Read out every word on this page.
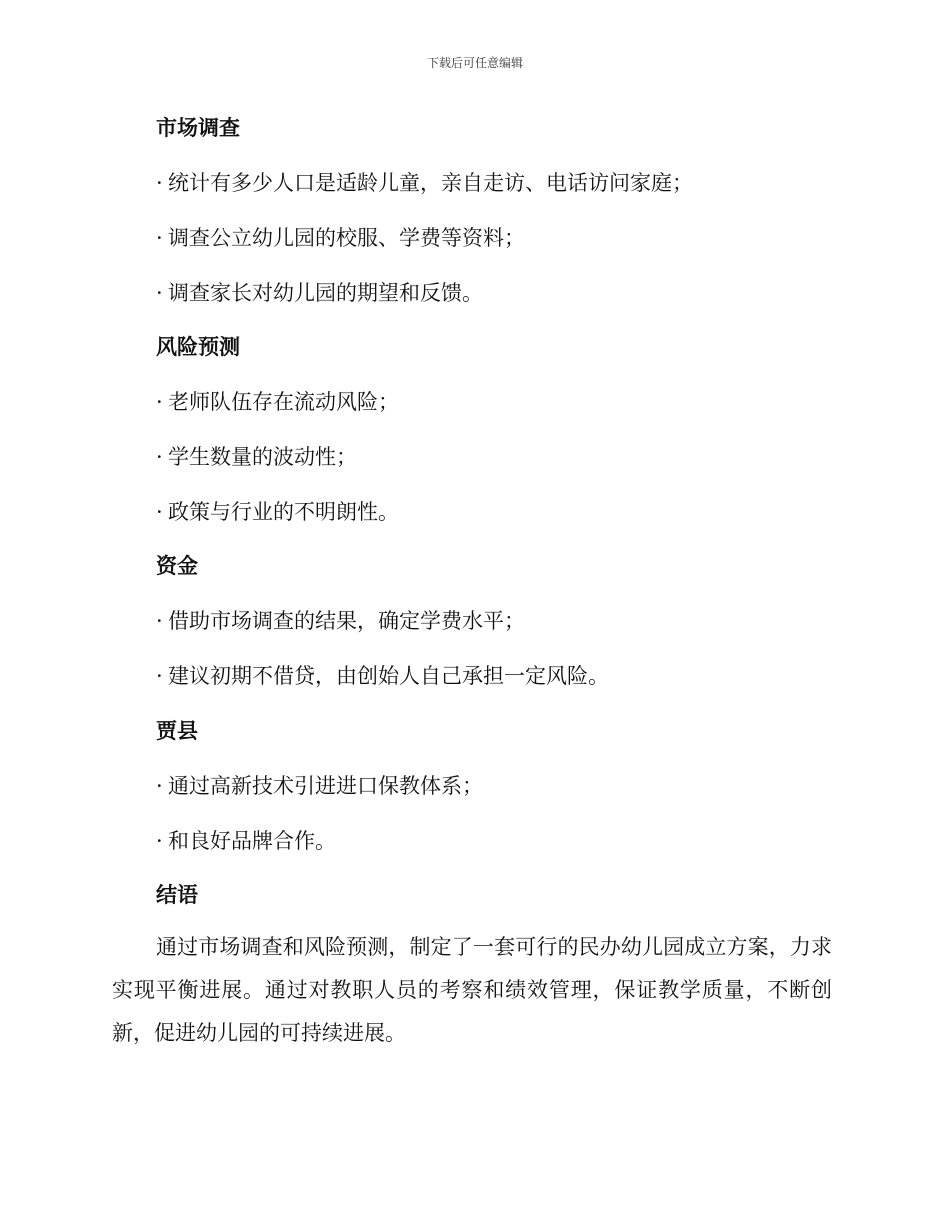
下载后可任意编辑
市场调查
· 统计有多少人口是适龄儿童，亲自走访、电话访问家庭；
· 调查公立幼儿园的校服、学费等资料；
· 调查家长对幼儿园的期望和反馈。
风险预测
· 老师队伍存在流动风险；
· 学生数量的波动性；
· 政策与行业的不明朗性。
资金
· 借助市场调查的结果，确定学费水平；
· 建议初期不借贷，由创始人自己承担一定风险。
贾县
· 通过高新技术引进进口保教体系；
· 和良好品牌合作。
结语
通过市场调查和风险预测，制定了一套可行的民办幼儿园成立方案，力求实现平衡进展。通过对教职人员的考察和绩效管理，保证教学质量，不断创新，促进幼儿园的可持续进展。
